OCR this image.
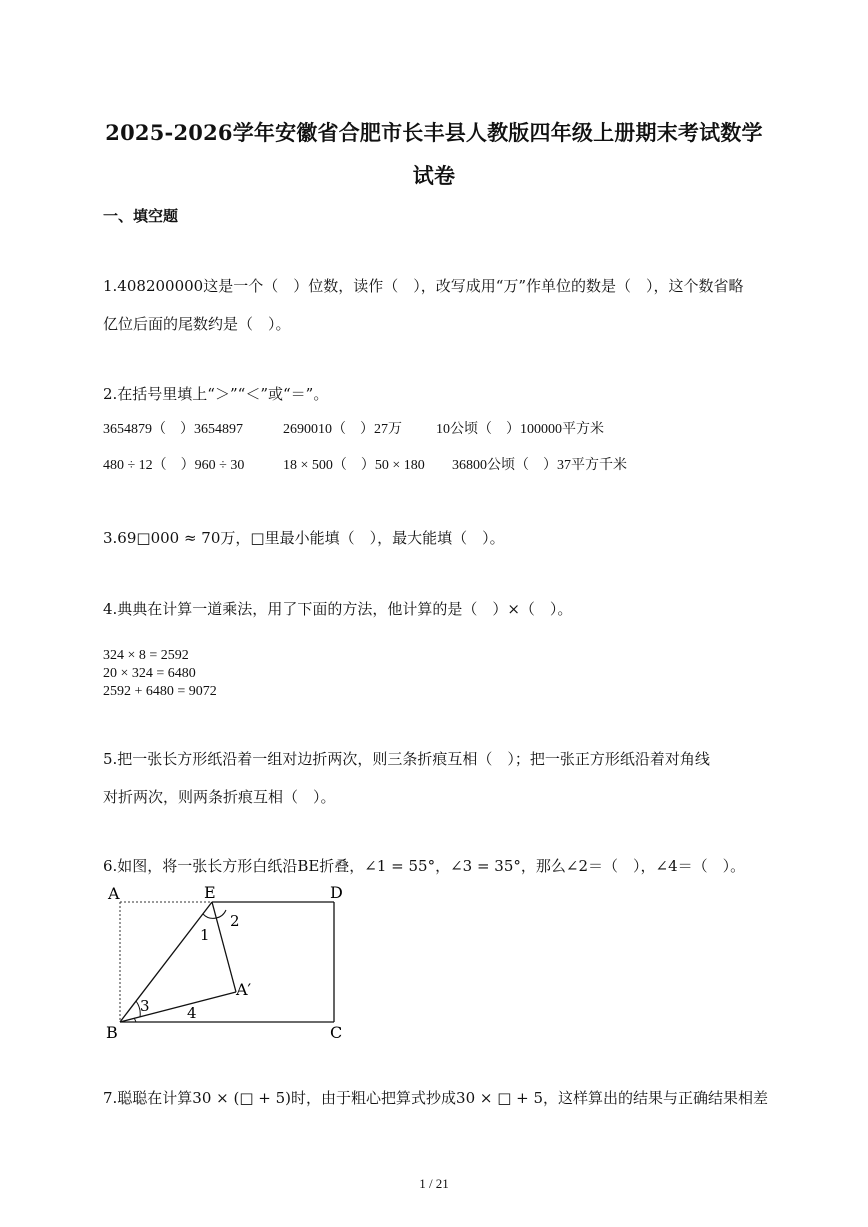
2025-2026学年安徽省合肥市长丰县人教版四年级上册期末考试数学
试卷
一、填空题
1.408200000这是一个（　）位数，读作（　），改写成用“万”作单位的数是（　），这个数省略
亿位后面的尾数约是（　）。
2.在括号里填上“＞”“＜”或“＝”。
3654879（　）3654897	2690010（　）27万 10公顷（　）100000平方米
480 ÷ 12（　）960 ÷ 30	18 × 500（　）50 × 180 36800公顷（　）37平方千米
3.69□000 ≈ 70万，□里最小能填（　），最大能填（　）。
4.典典在计算一道乘法，用了下面的方法，他计算的是（　）×（　）。
324 × 8 = 2592
20 × 324 = 6480
2592 + 6480 = 9072
5.把一张长方形纸沿着一组对边折两次，则三条折痕互相（　）；把一张正方形纸沿着对角线
对折两次，则两条折痕互相（　）。
6.如图，将一张长方形白纸沿BE折叠，∠1 = 55°，∠3 = 35°，那么∠2＝（　），∠4＝（　）。
A	E	D
B	C
A′
1
2
3 4
7.聪聪在计算30 × (□ + 5)时，由于粗心把算式抄成30 × □ + 5，这样算出的结果与正确结果相差
1 / 21
